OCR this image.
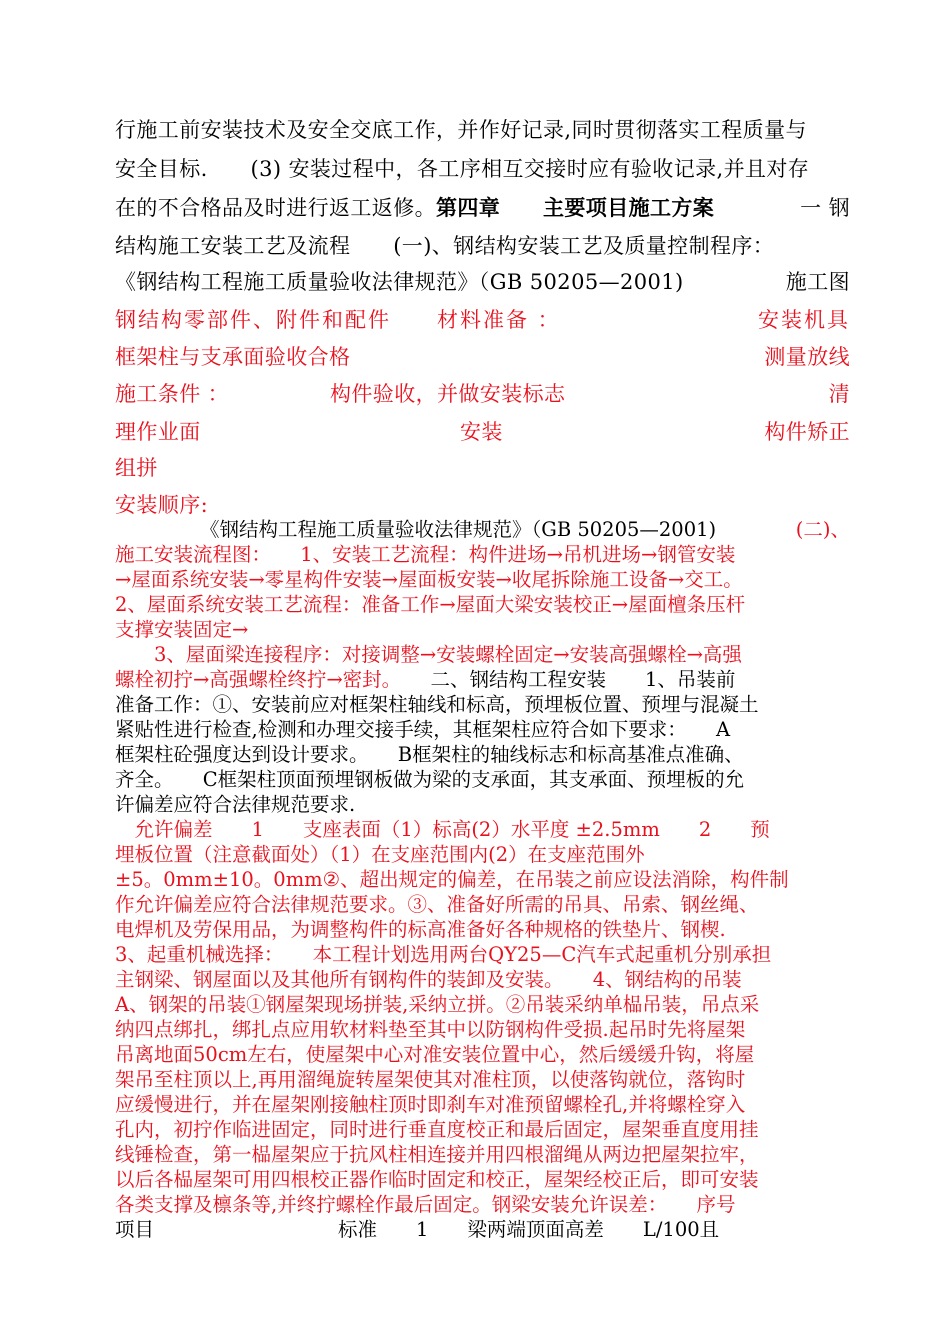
行施工前安装技术及安全交底工作，并作好记录,同时贯彻落实工程质量与
安全目标.　　(3) 安装过程中，各工序相互交接时应有验收记录,并且对存
在的不合格品及时进行返工返修。第四章　　主要项目施工方案	一 钢
结构施工安装工艺及流程　　(一)、钢结构安装工艺及质量控制程序：
《钢结构工程施工质量验收法律规范》（GB 50205—2001)	施工图
钢结构零部件、附件和配件　　材料准备 ：	安装机具
框架柱与支承面验收合格	测量放线
施工条件 ：	构件验收，并做安装标志	清
理作业面	安装	构件矫正
组拼
安装顺序:
《钢结构工程施工质量验收法律规范》（GB 50205—2001)	(二)、
施工安装流程图：　　1、安装工艺流程：构件进场→吊机进场→钢管安装
→屋面系统安装→零星构件安装→屋面板安装→收尾拆除施工设备→交工。
2、屋面系统安装工艺流程：准备工作→屋面大梁安装校正→屋面檀条压杆
支撑安装固定→
　　3、屋面梁连接程序：对接调整→安装螺栓固定→安装高强螺栓→高强
螺栓初拧→高强螺栓终拧→密封。　　二、钢结构工程安装　　1、吊装前
准备工作：①、安装前应对框架柱轴线和标高，预埋板位置、预埋与混凝土
紧贴性进行检查,检测和办理交接手续，其框架柱应符合如下要求：　　A
框架柱砼强度达到设计要求。　　B框架柱的轴线标志和标高基准点准确、
齐全。　　C框架柱顶面预埋钢板做为梁的支承面，其支承面、预埋板的允
许偏差应符合法律规范要求.
　允许偏差　　1　　支座表面（1）标高(2）水平度 ±2.5mm　　2　　预
埋板位置（注意截面处）（1）在支座范围内(2）在支座范围外
±5。0mm±10。0mm②、超出规定的偏差，在吊装之前应设法消除，构件制
作允许偏差应符合法律规范要求。③、准备好所需的吊具、吊索、钢丝绳、
电焊机及劳保用品，为调整构件的标高准备好各种规格的铁垫片、钢楔.
3、起重机械选择：　　本工程计划选用两台QY25—C汽车式起重机分别承担
主钢梁、钢屋面以及其他所有钢构件的装卸及安装。　　4、钢结构的吊装
A、钢架的吊装①钢屋架现场拼装,采纳立拼。②吊装采纳单榀吊装，吊点采
纳四点绑扎，绑扎点应用软材料垫至其中以防钢构件受损.起吊时先将屋架
吊离地面50cm左右，使屋架中心对准安装位置中心，然后缓缓升钩，将屋
架吊至柱顶以上,再用溜绳旋转屋架使其对准柱顶，以使落钩就位，落钩时
应缓慢进行，并在屋架刚接触柱顶时即刹车对准预留螺栓孔,并将螺栓穿入
孔内，初拧作临进固定，同时进行垂直度校正和最后固定，屋架垂直度用挂
线锤检查，第一榀屋架应于抗风柱相连接并用四根溜绳从两边把屋架拉牢，
以后各榀屋架可用四根校正器作临时固定和校正，屋架经校正后，即可安装
各类支撑及檩条等,并终拧螺栓作最后固定。钢梁安装允许误差：　　序号
项目	标准　　1　　梁两端顶面高差　　L/100且
